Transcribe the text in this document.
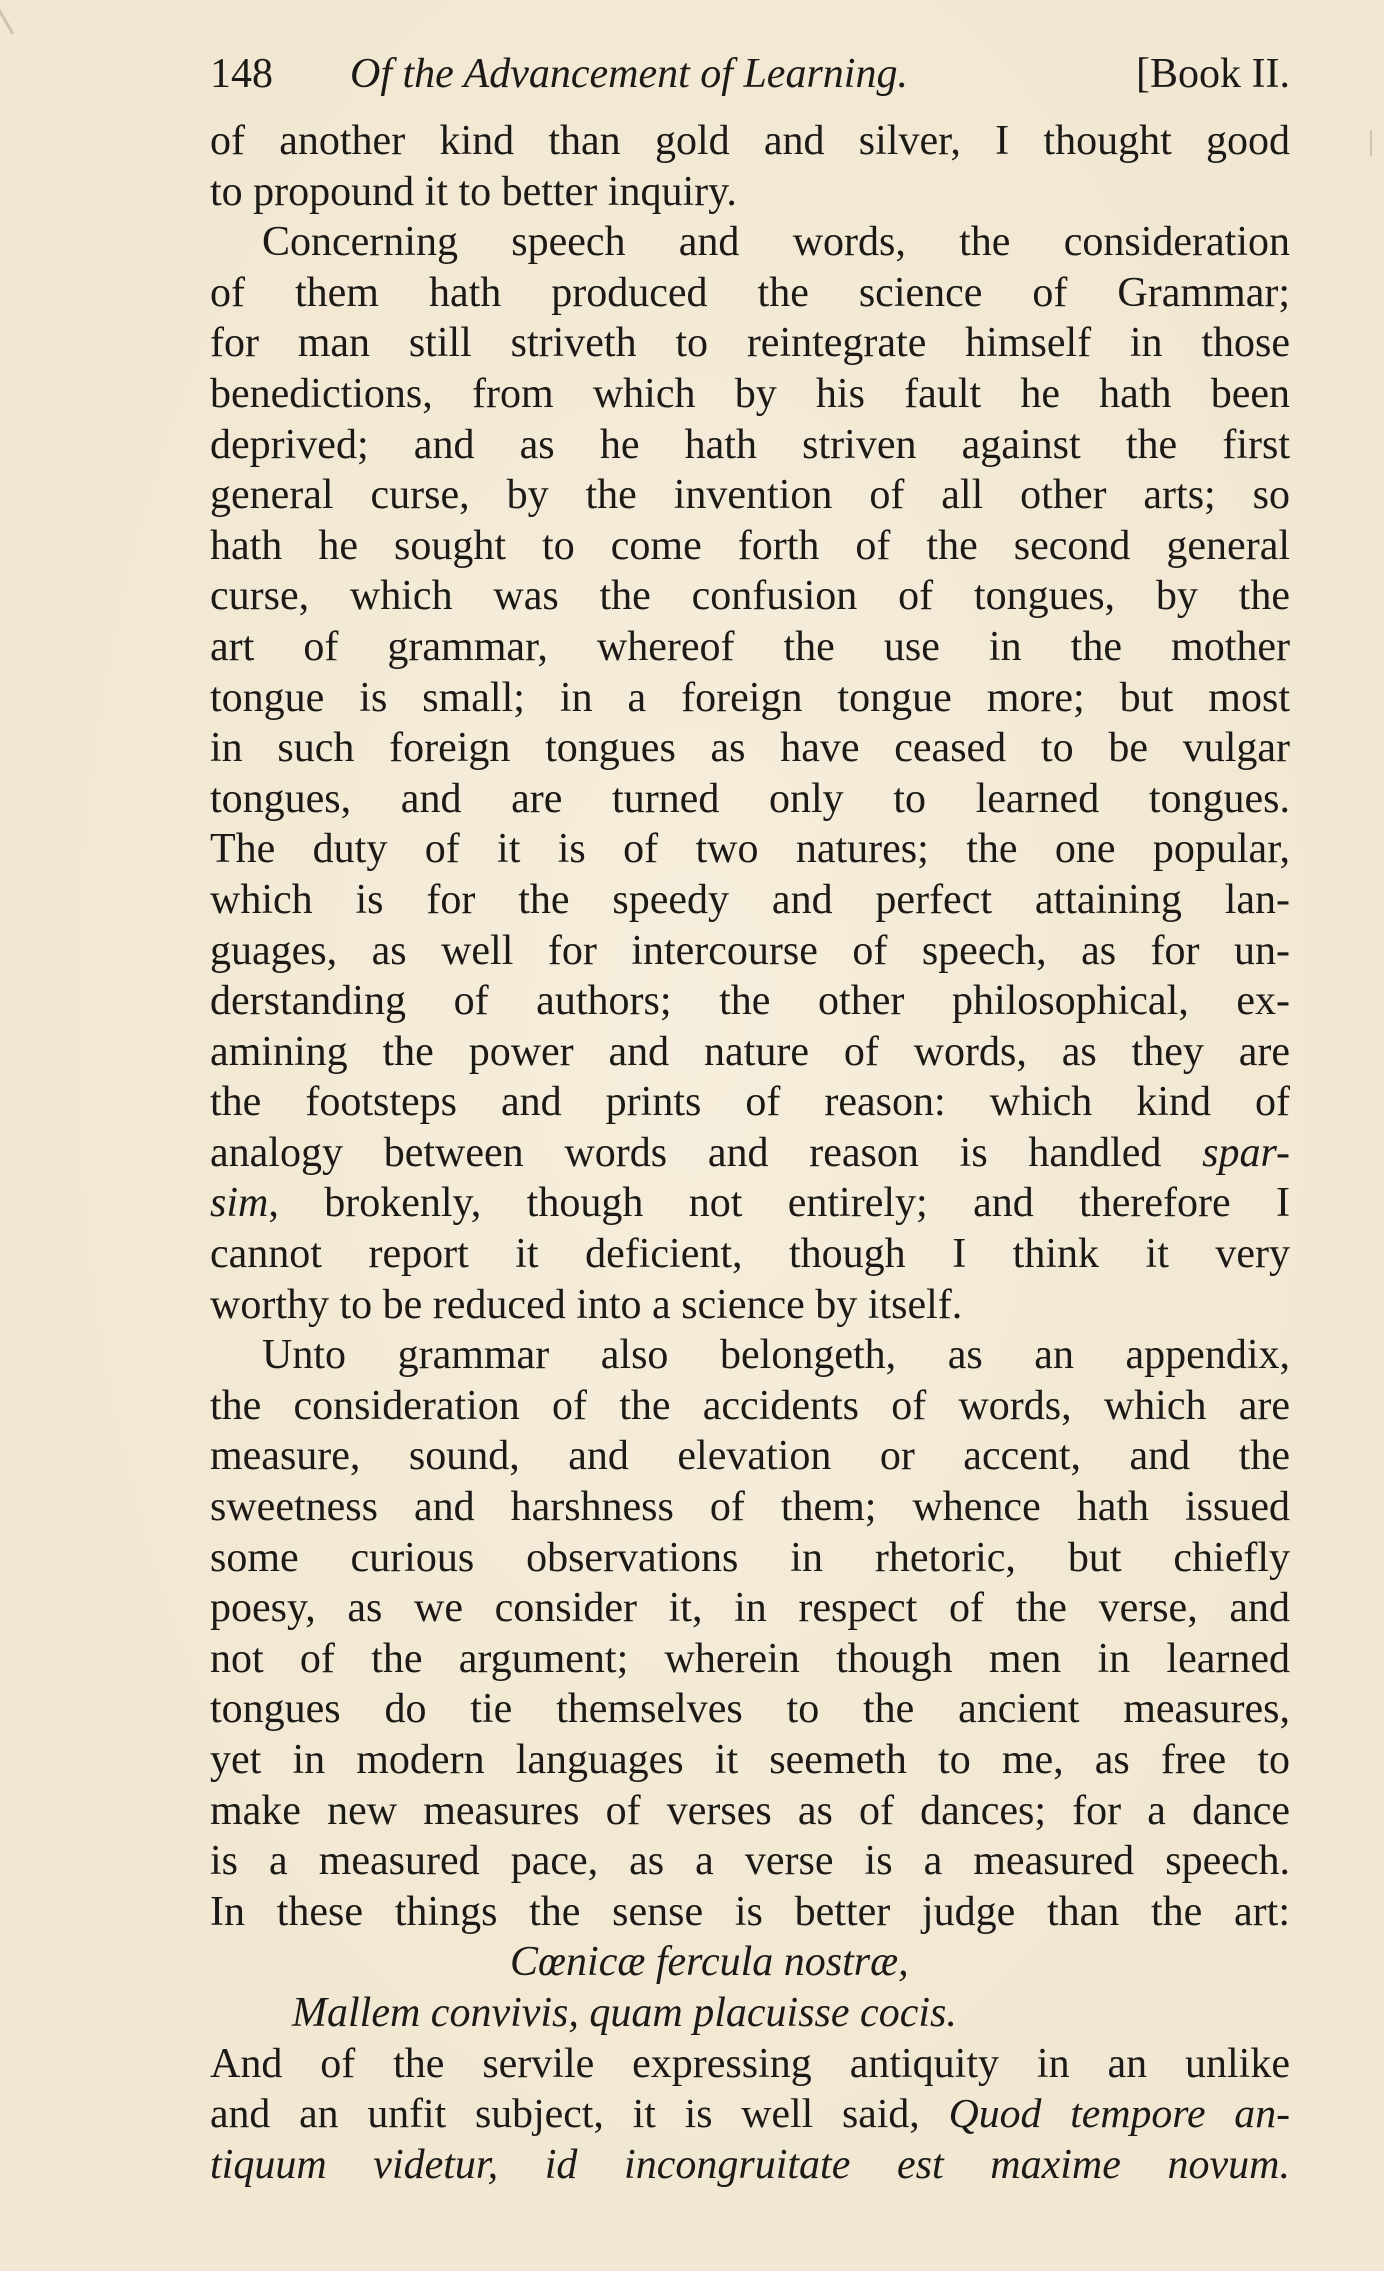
148 Of the Advancement of Learning.	[Book II.
of another kind than gold and silver, I thought good
to propound it to better inquiry.
Concerning speech and words, the consideration
of them hath produced the science of Grammar;
for man still striveth to reintegrate himself in those
benedictions, from which by his fault he hath been
deprived; and as he hath striven against the first
general curse, by the invention of all other arts; so
hath he sought to come forth of the second general
curse, which was the confusion of tongues, by the
art of grammar, whereof the use in the mother
tongue is small; in a foreign tongue more; but most
in such foreign tongues as have ceased to be vulgar
tongues, and are turned only to learned tongues.
The duty of it is of two natures; the one popular,
which is for the speedy and perfect attaining lan-
guages, as well for intercourse of speech, as for un-
derstanding of authors; the other philosophical, ex-
amining the power and nature of words, as they are
the footsteps and prints of reason: which kind of
analogy between words and reason is handled spar-
sim, brokenly, though not entirely; and therefore I
cannot report it deficient, though I think it very
worthy to be reduced into a science by itself.
Unto grammar also belongeth, as an appendix,
the consideration of the accidents of words, which are
measure, sound, and elevation or accent, and the
sweetness and harshness of them; whence hath issued
some curious observations in rhetoric, but chiefly
poesy, as we consider it, in respect of the verse, and
not of the argument; wherein though men in learned
tongues do tie themselves to the ancient measures,
yet in modern languages it seemeth to me, as free to
make new measures of verses as of dances; for a dance
is a measured pace, as a verse is a measured speech.
In these things the sense is better judge than the art:
Cœnicæ fercula nostræ,
Mallem convivis, quam placuisse cocis.
And of the servile expressing antiquity in an unlike
and an unfit subject, it is well said, Quod tempore an-
tiquum videtur, id incongruitate est maxime novum.
